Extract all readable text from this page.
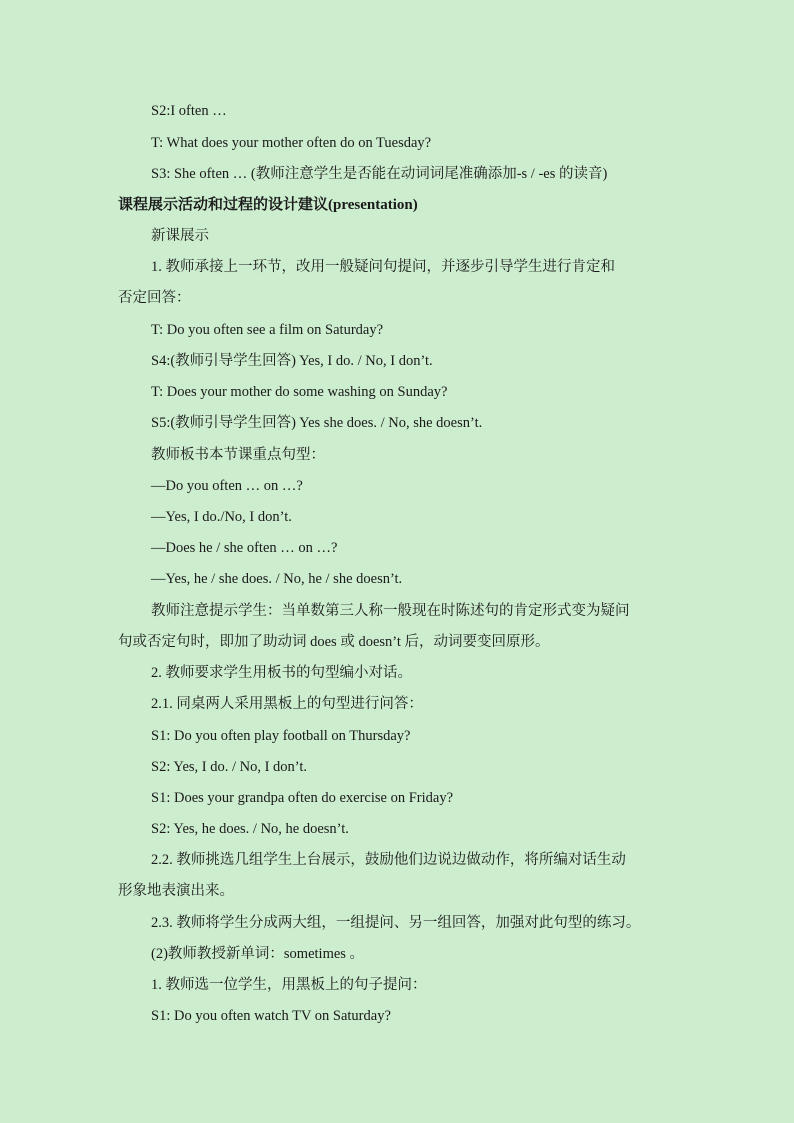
S2:I often …
T: What does your mother often do on Tuesday?
S3: She often … (教师注意学生是否能在动词词尾准确添加-s / -es 的读音)
课程展示活动和过程的设计建议(presentation)
新课展示
1. 教师承接上一环节，改用一般疑问句提问，并逐步引导学生进行肯定和
否定回答：
T: Do you often see a film on Saturday?
S4:(教师引导学生回答) Yes, I do. / No, I don’t.
T: Does your mother do some washing on Sunday?
S5:(教师引导学生回答) Yes she does. / No, she doesn’t.
教师板书本节课重点句型：
—Do you often … on …?
—Yes, I do./No, I don’t.
—Does he / she often … on …?
—Yes, he / she does. / No, he / she doesn’t.
教师注意提示学生：当单数第三人称一般现在时陈述句的肯定形式变为疑问
句或否定句时，即加了助动词 does 或 doesn’t 后，动词要变回原形。
2. 教师要求学生用板书的句型编小对话。
2.1. 同桌两人采用黑板上的句型进行问答：
S1: Do you often play football on Thursday?
S2: Yes, I do. / No, I don’t.
S1: Does your grandpa often do exercise on Friday?
S2: Yes, he does. / No, he doesn’t.
2.2. 教师挑选几组学生上台展示，鼓励他们边说边做动作，将所编对话生动
形象地表演出来。
2.3. 教师将学生分成两大组，一组提问、另一组回答，加强对此句型的练习。
(2)教师教授新单词：sometimes 。
1. 教师选一位学生，用黑板上的句子提问：
S1: Do you often watch TV on Saturday?
